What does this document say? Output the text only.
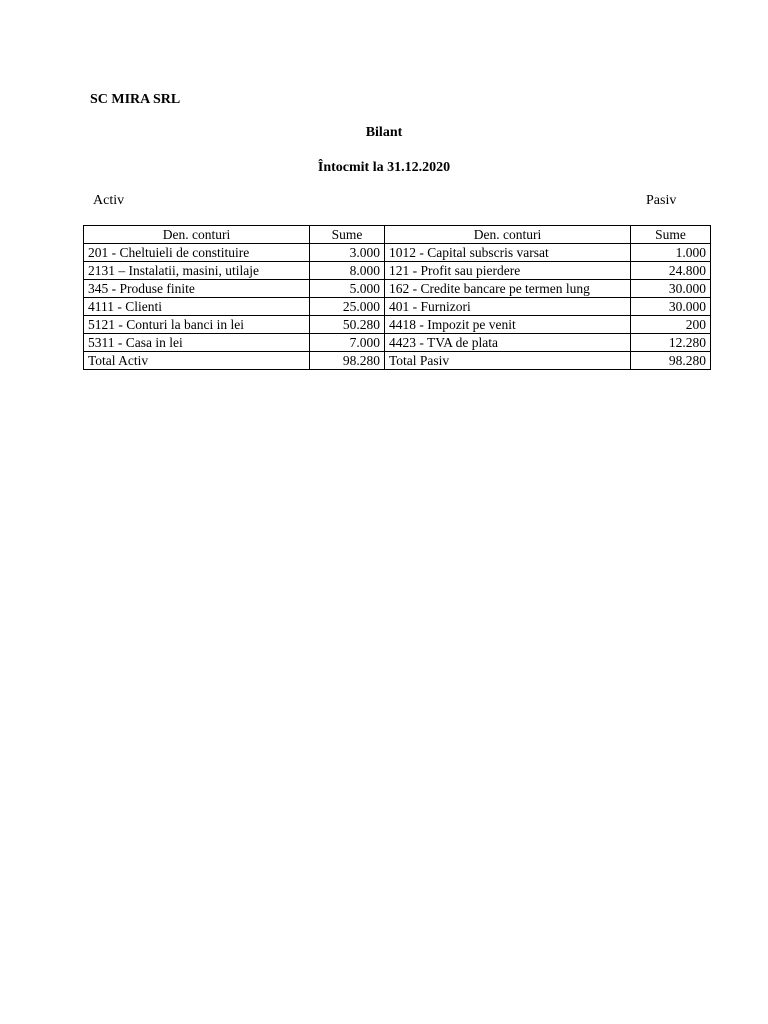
SC MIRA SRL
Bilant
Întocmit la 31.12.2020
Activ	Pasiv
Den. conturi	Sume	Den. conturi	Sume
201 - Cheltuieli de constituire	3.000	1012 - Capital subscris varsat	1.000
2131 – Instalatii, masini, utilaje	8.000	121 - Profit sau pierdere	24.800
345 - Produse finite	5.000	162 - Credite bancare pe termen lung	30.000
4111 - Clienti	25.000	401 - Furnizori	30.000
5121 - Conturi la banci in lei	50.280	4418 - Impozit pe venit	200
5311 - Casa in lei	7.000	4423 - TVA de plata	12.280
Total Activ	98.280	Total Pasiv	98.280
